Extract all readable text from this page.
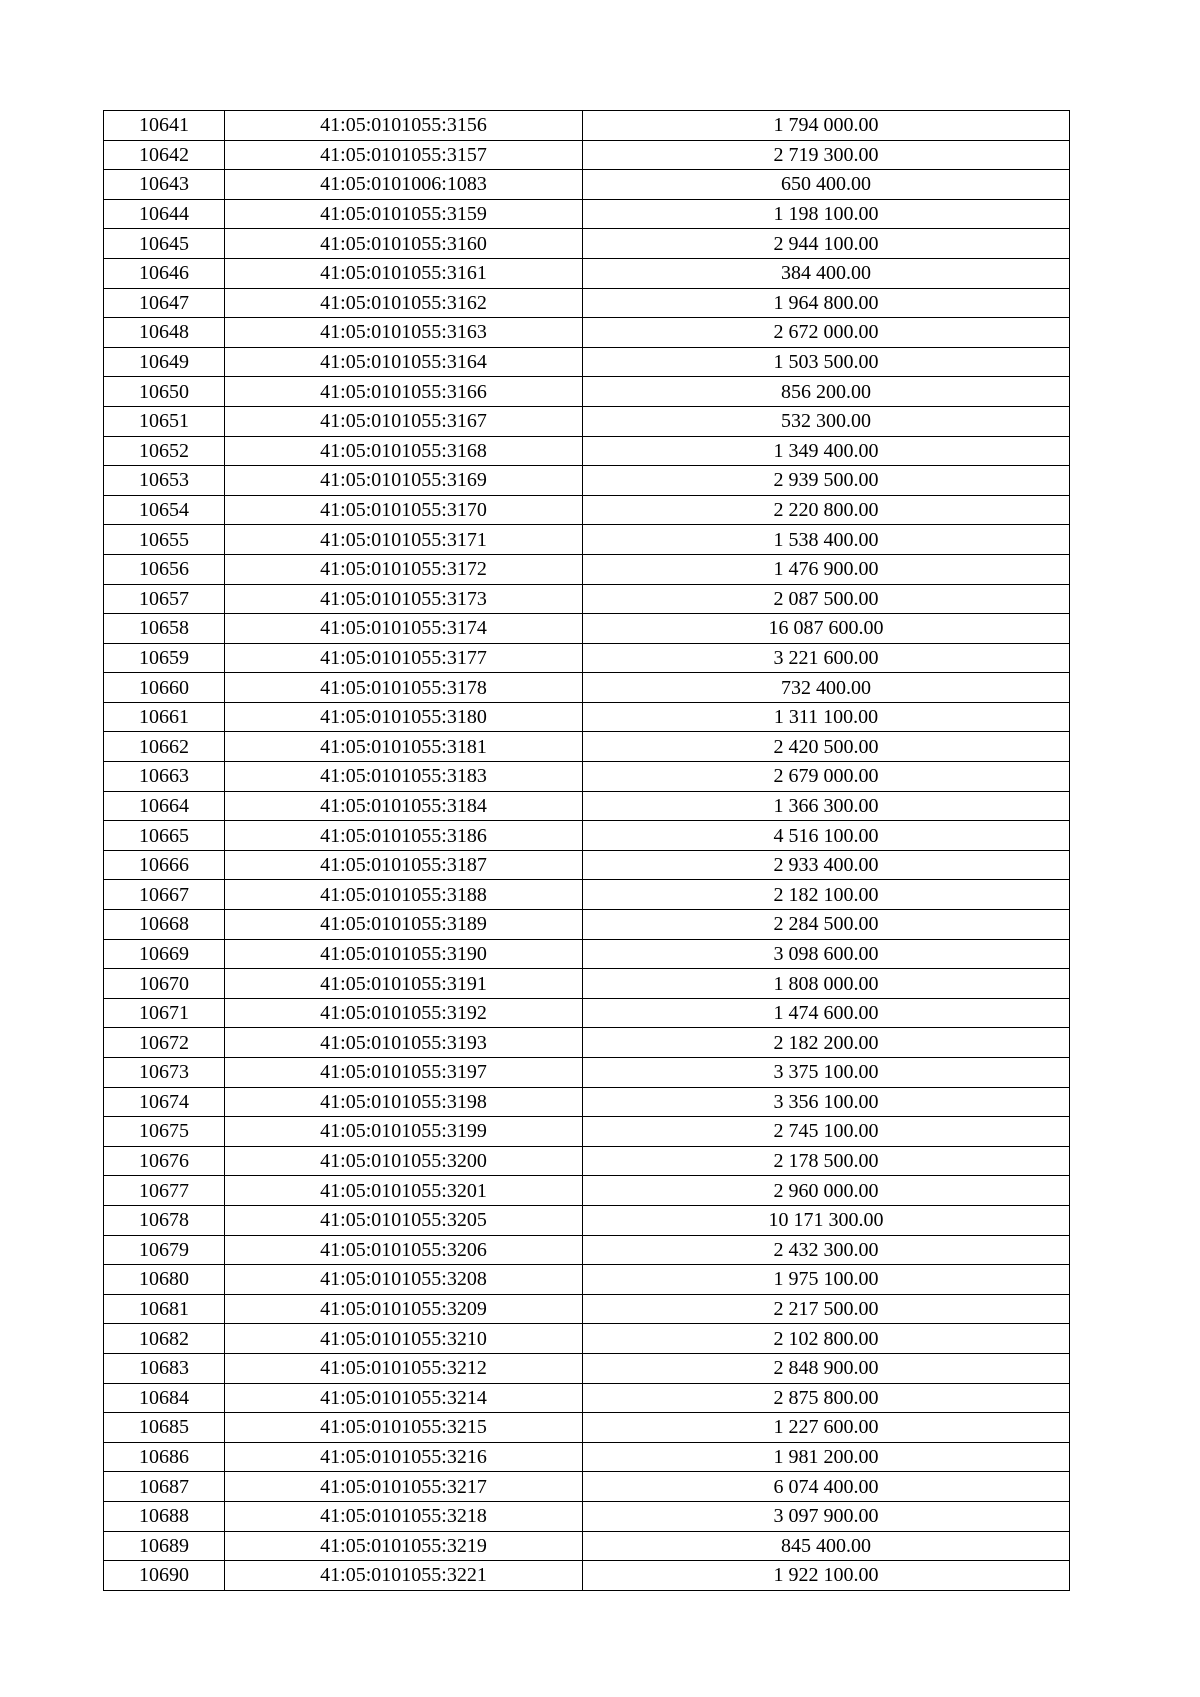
10641	41:05:0101055:3156	1 794 000.00
10642	41:05:0101055:3157	2 719 300.00
10643	41:05:0101006:1083	650 400.00
10644	41:05:0101055:3159	1 198 100.00
10645	41:05:0101055:3160	2 944 100.00
10646	41:05:0101055:3161	384 400.00
10647	41:05:0101055:3162	1 964 800.00
10648	41:05:0101055:3163	2 672 000.00
10649	41:05:0101055:3164	1 503 500.00
10650	41:05:0101055:3166	856 200.00
10651	41:05:0101055:3167	532 300.00
10652	41:05:0101055:3168	1 349 400.00
10653	41:05:0101055:3169	2 939 500.00
10654	41:05:0101055:3170	2 220 800.00
10655	41:05:0101055:3171	1 538 400.00
10656	41:05:0101055:3172	1 476 900.00
10657	41:05:0101055:3173	2 087 500.00
10658	41:05:0101055:3174	16 087 600.00
10659	41:05:0101055:3177	3 221 600.00
10660	41:05:0101055:3178	732 400.00
10661	41:05:0101055:3180	1 311 100.00
10662	41:05:0101055:3181	2 420 500.00
10663	41:05:0101055:3183	2 679 000.00
10664	41:05:0101055:3184	1 366 300.00
10665	41:05:0101055:3186	4 516 100.00
10666	41:05:0101055:3187	2 933 400.00
10667	41:05:0101055:3188	2 182 100.00
10668	41:05:0101055:3189	2 284 500.00
10669	41:05:0101055:3190	3 098 600.00
10670	41:05:0101055:3191	1 808 000.00
10671	41:05:0101055:3192	1 474 600.00
10672	41:05:0101055:3193	2 182 200.00
10673	41:05:0101055:3197	3 375 100.00
10674	41:05:0101055:3198	3 356 100.00
10675	41:05:0101055:3199	2 745 100.00
10676	41:05:0101055:3200	2 178 500.00
10677	41:05:0101055:3201	2 960 000.00
10678	41:05:0101055:3205	10 171 300.00
10679	41:05:0101055:3206	2 432 300.00
10680	41:05:0101055:3208	1 975 100.00
10681	41:05:0101055:3209	2 217 500.00
10682	41:05:0101055:3210	2 102 800.00
10683	41:05:0101055:3212	2 848 900.00
10684	41:05:0101055:3214	2 875 800.00
10685	41:05:0101055:3215	1 227 600.00
10686	41:05:0101055:3216	1 981 200.00
10687	41:05:0101055:3217	6 074 400.00
10688	41:05:0101055:3218	3 097 900.00
10689	41:05:0101055:3219	845 400.00
10690	41:05:0101055:3221	1 922 100.00
